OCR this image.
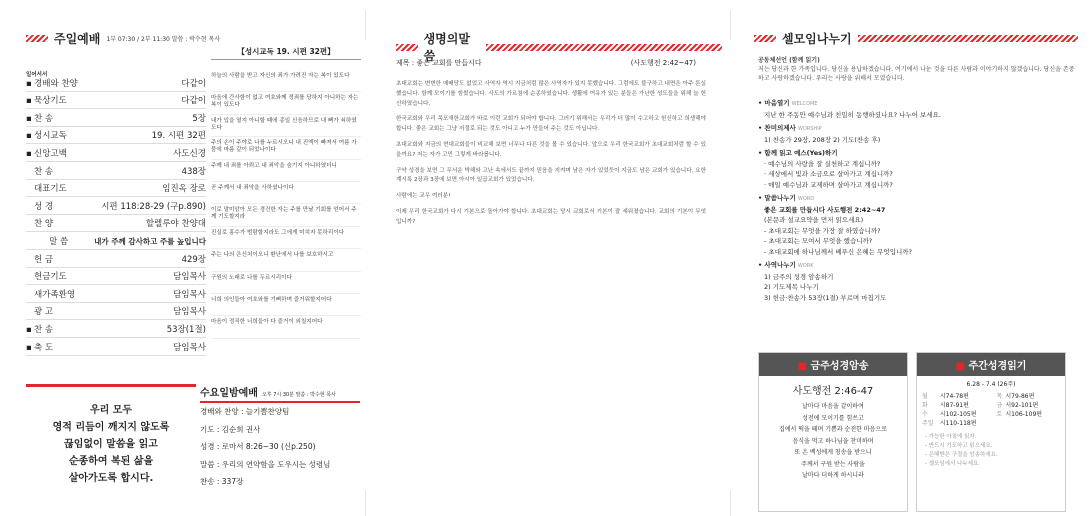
주일예배 1부 07:30 / 2부 11:30 말씀 : 박수현 목사
【성시교독 19. 시편 32편】
일어서서
▪ 경배와 찬양	다같이
▪ 묵상기도	다같이
▪ 찬 송	5장
▪ 성시교독	19. 시편 32편
▪ 신앙고백	사도신경
찬 송	438장
대표기도	임진옥 장로
성 경	시편 118:28-29 (구p.890)
찬 양	할렐루야 찬양대
말 씀	내가 주께 감사하고 주를 높입니다
헌 금	429장
헌금기도	담임목사
새가족환영	담임목사
광 고	담임목사
▪ 찬 송	53장(1절)
▪ 축 도	담임목사
하늘의 사람을 받고 자신의 죄가 가려진 자는 복이 있도다
마음에 간사함이 없고 여호와께 정죄를 당하지 아니하는 자는 복이 있도다
내가 입을 열지 아니할 때에 종일 신음하므로 내 뼈가 쇠하였도다
주의 손이 주야로 나를 누르시오니 내 진액이 빠져서 여름 가뭄에 마름 같이 되었나이다
주께 내 죄를 아뢰고 내 죄악을 숨기지 아니하였더니
곧 주께서 내 죄악을 사하셨나이다
이로 말미암아 모든 경건한 자는 주를 만날 기회를 얻어서 주께 기도할지라
진실로 홍수가 범람할지라도 그에게 미치지 못하리이다
주는 나의 은신처이오니 환난에서 나를 보호하시고
구원의 노래로 나를 두르시리이다
너희 의인들아 여호와를 기뻐하며 즐거워할지어다
마음이 정직한 너희들아 다 즐거이 외칠지어다
우리 모두
영적 리듬이 깨지지 않도록
끊임없이 말씀을 읽고
순종하여 복된 삶을
살아가도록 합시다.
수요일밤예배 오후 7시 30분 말씀 : 박수현 목사
경배와 찬양 : 늘기쁨찬양팀
기도 : 김순희 권사
성경 : 로마서 8:26~30 (신p.250)
말씀 : 우리의 연약함을 도우시는 성령님
찬송 : 337장
생명의말씀
제목 : 좋은 교회를 만듭시다	(사도행전 2:42~47)

초대교회는 변변한 예배당도 없었고 사역자 역시 지금처럼 많은 사역자가 있지 못했습니다. 그럼에도 불구하고 내면은 아주 튼실했습니다. 함께 모이기를 힘썼습니다. 사도의 가르침에 순종하였습니다. 생활에 여유가 있는 분들은 가난한 성도들을 위해 늘 헌신하였습니다.

한국교회와 우리 목포새한교회가 바로 이런 교회가 되어야 합니다. 그러기 위해서는 우리가 더 많이 수고하고 헌신하고 희생해야 합니다. 좋은 교회는 그냥 저절로 되는 것도 아니고 누가 만들어 주는 것도 아닙니다.

초대교회와 지금의 현대교회들이 비교해 보면 너무나 다른 것을 볼 수 있습니다. 앞으로 우리 한국교회가 초대교회처럼 할 수 있을까요? 저는 자가 고민 그렇게 바라봅니다.

구약 성경을 보면 그 무서운 박해와 고난 속에서도 끝까지 믿음을 지켜며 남은 자가 있었듯이 지금도 남은 교회가 있습니다. 요한계시록 2장과 3장에 보면 아시아 일곱교회가 있었습니다.

사람에는 교우 여러분!

이제 우리 한국교회가 다시 기본으로 돌아가야 합니다. 초대교회는 당시 교회로서 기본이 잘 세워졌습니다. 교회의 기본이 무엇입니까?

셀모임나누기
공동체선언 (함께 읽기)
저는 당신과 한 가족입니다. 당신을 용납하겠습니다. 여기에서 나눈 것을 다른 사람과 이야기하지 않겠습니다. 당신을 존중하고 사랑하겠습니다. 우리는 사랑을 위해서 모였습니다.
• 마음열기 WELCOME
지난 한 주동안 예수님과 친밀히 동행하셨나요? 나누어 보세요.
• 찬미의제사 WORSHIP
1) 찬송가 29장, 208장 2) 기도(찬송 후)
• 함께 읽고 예스(Yes)하기
· 예수님의 사랑을 잘 실천하고 계십니까?
· 세상에서 빛과 소금으로 살아가고 계십니까?
· 매일 예수님과 교제하며 살아가고 계십니까?
• 말씀나누기 WORD
좋은 교회를 만듭시다 사도행전 2:42~47
(본문과 설교요약을 먼저 읽으세요)
- 초대교회는 무엇을 가장 잘 하였습니까?
- 초대교회는 모여서 무엇을 했습니까?
- 초대교회에 하나님께서 베푸신 은혜는 무엇입니까?
• 사역나누기 WORK
1) 금주의 성경 암송하기
2) 기도제목 나누기
3) 헌금·찬송가 53장(1절) 부르며 마칩기도
■ 금주성경암송
사도행전 2:46-47
날마다 마음을 같이하여
성전에 모이기를 힘쓰고
집에서 떡을 떼며 기쁨과 순전한 마음으로
음식을 먹고 하나님을 찬미하며
또 온 백성에게 칭송을 받으니
주께서 구원 받는 사람을
날마다 더하게 하시니라
■ 주간성경읽기
6.28 - 7.4 (26주)
월	시74-78편	목	시79-86편
화	시87-91편	금	시92-101편
수	시102-105편	토	시106-109편
주일	시110-118편		
- 가능한 아침에 읽자.
- 반드시 기도하고 읽으세요.
- 은혜받은 구절을 암송하세요.
- 셀모임에서 나누세요.
